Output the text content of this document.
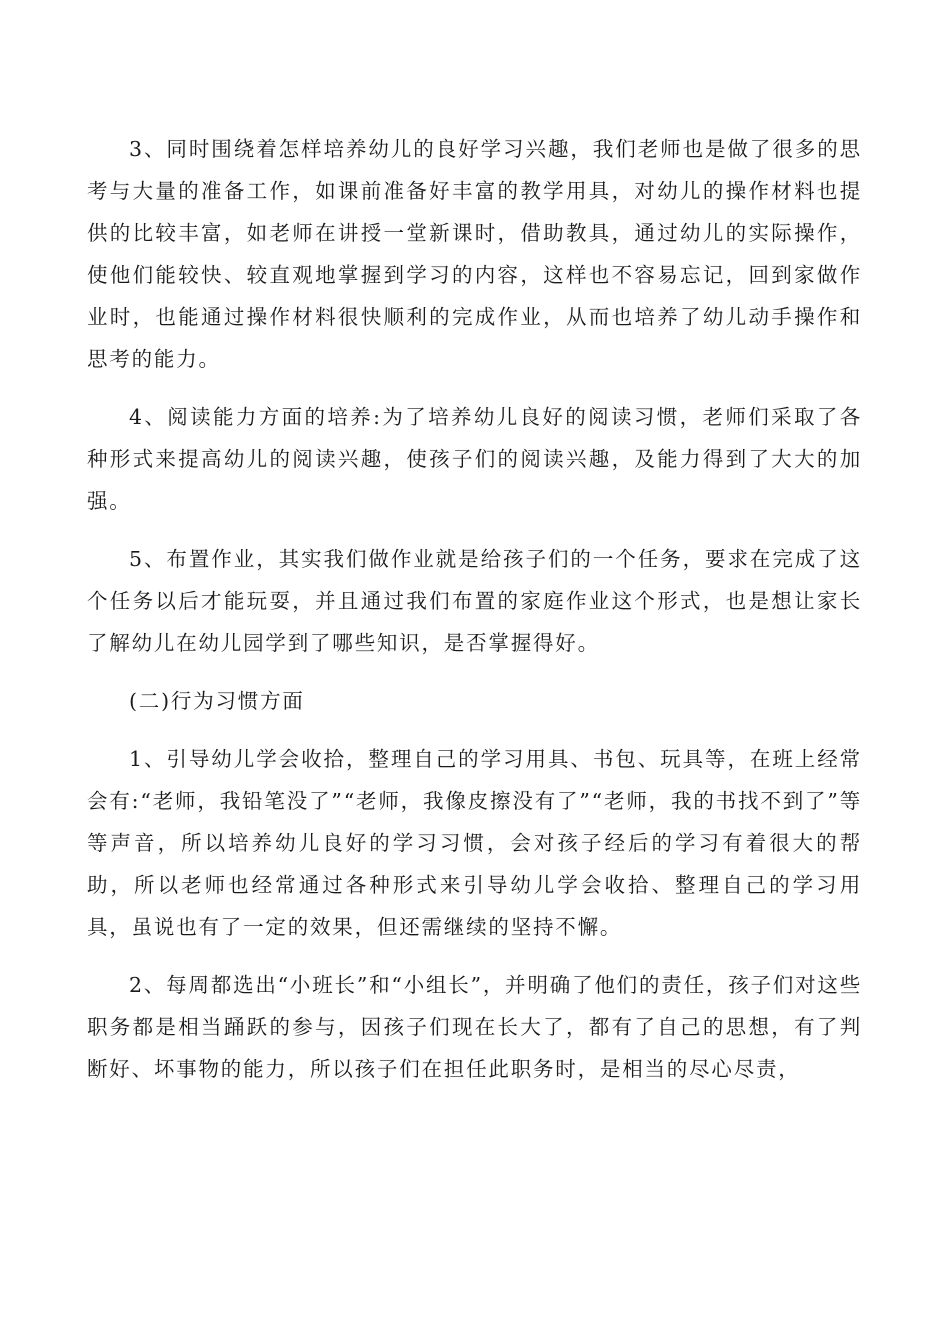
3、同时围绕着怎样培养幼儿的良好学习兴趣，我们老师也是做了很多的思考与大量的准备工作，如课前准备好丰富的教学用具，对幼儿的操作材料也提供的比较丰富，如老师在讲授一堂新课时，借助教具，通过幼儿的实际操作，使他们能较快、较直观地掌握到学习的内容，这样也不容易忘记，回到家做作业时，也能通过操作材料很快顺利的完成作业，从而也培养了幼儿动手操作和思考的能力。

4、阅读能力方面的培养:为了培养幼儿良好的阅读习惯，老师们采取了各种形式来提高幼儿的阅读兴趣，使孩子们的阅读兴趣，及能力得到了大大的加强。

5、布置作业，其实我们做作业就是给孩子们的一个任务，要求在完成了这个任务以后才能玩耍，并且通过我们布置的家庭作业这个形式，也是想让家长了解幼儿在幼儿园学到了哪些知识，是否掌握得好。

(二)行为习惯方面

1、引导幼儿学会收拾，整理自己的学习用具、书包、玩具等，在班上经常会有:“老师，我铅笔没了”“老师，我像皮擦没有了”“老师，我的书找不到了”等等声音，所以培养幼儿良好的学习习惯，会对孩子经后的学习有着很大的帮助，所以老师也经常通过各种形式来引导幼儿学会收拾、整理自己的学习用具，虽说也有了一定的效果，但还需继续的坚持不懈。

2、每周都选出“小班长”和“小组长”，并明确了他们的责任，孩子们对这些职务都是相当踊跃的参与，因孩子们现在长大了，都有了自己的思想，有了判断好、坏事物的能力，所以孩子们在担任此职务时，是相当的尽心尽责，
